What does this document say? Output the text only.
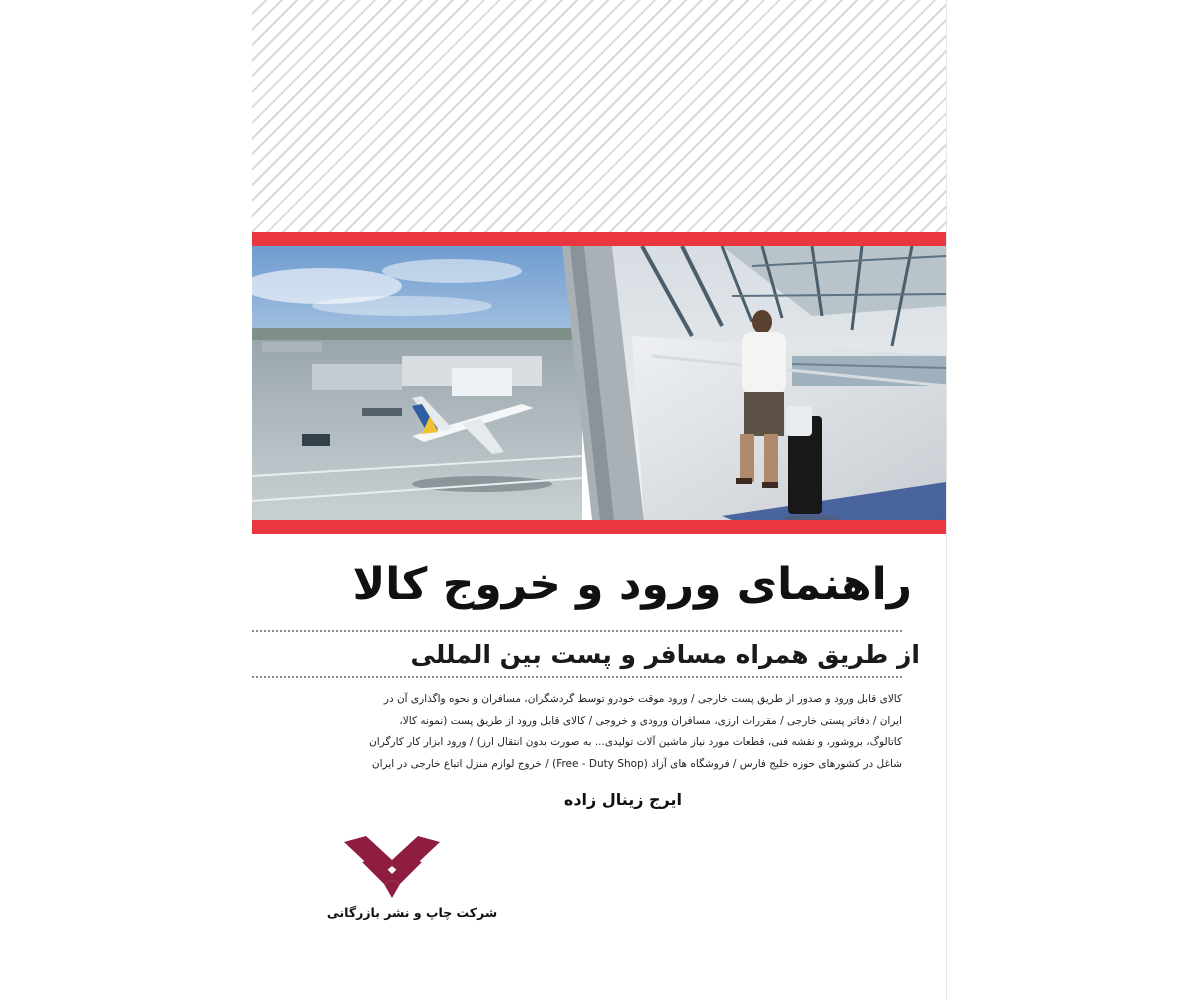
راهنمای ورود و خروج کالا
از طریق همراه مسافر و پست بین المللی
کالای قابل ورود و صدور از طریق پست خارجی / ورود موقت خودرو توسط گردشگران، مسافران و نحوه واگذاری آن در
ایران / دفاتر پستی خارجی / مقررات ارزی، مسافران ورودی و خروجی / کالای قابل ورود از طریق پست (نمونه کالا،
کاتالوگ، بروشور، و نقشه فنی، قطعات مورد نیاز ماشین آلات تولیدی... به صورت بدون انتقال ارز) / ورود ابزار کار کارگران
شاغل در کشورهای حوزه خلیج فارس / فروشگاه های آزاد (Free - Duty Shop) / خروج لوازم منزل اتباع خارجی در ایران
ایرج زینال زاده
شرکت چاپ و نشر بازرگانی
